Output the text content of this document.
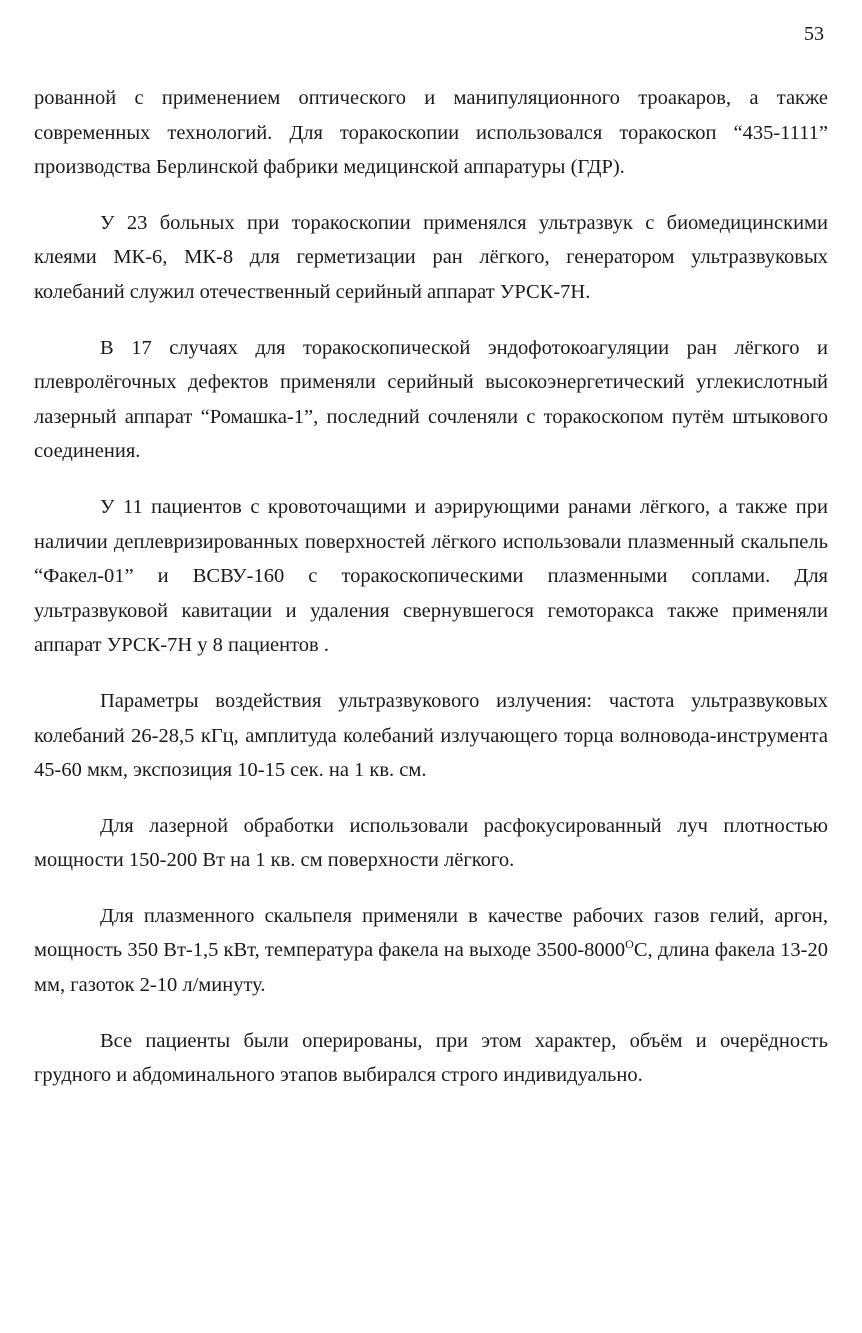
53

рованной с применением оптического и манипуляционного троакаров, а также современных технологий. Для торакоскопии использовался торакоскоп “435-1111” производства Берлинской фабрики медицинской аппаратуры (ГДР).

У 23 больных при торакоскопии применялся ультразвук с биомедицинскими клеями МК-6, МК-8 для герметизации ран лёгкого, генератором ультразвуковых колебаний служил отечественный серийный аппарат УРСК-7Н.

В 17 случаях для торакоскопической эндофотокоагуляции ран лёгкого и плевролёгочных дефектов применяли серийный высокоэнергетический углекислотный лазерный аппарат “Ромашка-1”, последний сочленяли с торакоскопом путём штыкового соединения.

У 11 пациентов с кровоточащими и аэрирующими ранами лёгкого, а также при наличии деплевризированных поверхностей лёгкого использовали плазменный скальпель “Факел-01” и ВСВУ-160 с торакоскопическими плазменными соплами. Для ультразвуковой кавитации и удаления свернувшегося гемоторакса также применяли аппарат УРСК-7Н у 8 пациентов .

Параметры воздействия ультразвукового излучения: частота ультразвуковых колебаний 26-28,5 кГц, амплитуда колебаний излучающего торца волновода-инструмента 45-60 мкм, экспозиция 10-15 сек. на 1 кв. см.

Для лазерной обработки использовали расфокусированный луч плотностью мощности 150-200 Вт на 1 кв. см поверхности лёгкого.

Для плазменного скальпеля применяли в качестве рабочих газов гелий, аргон, мощность 350 Вт-1,5 кВт, температура факела на выходе $3500-8000^ОС$, длина факела 13-20 мм, газоток 2-10 л/минуту.

Все пациенты были оперированы, при этом характер, объём и очерёдность грудного и абдоминального этапов выбирался строго индивидуально.
